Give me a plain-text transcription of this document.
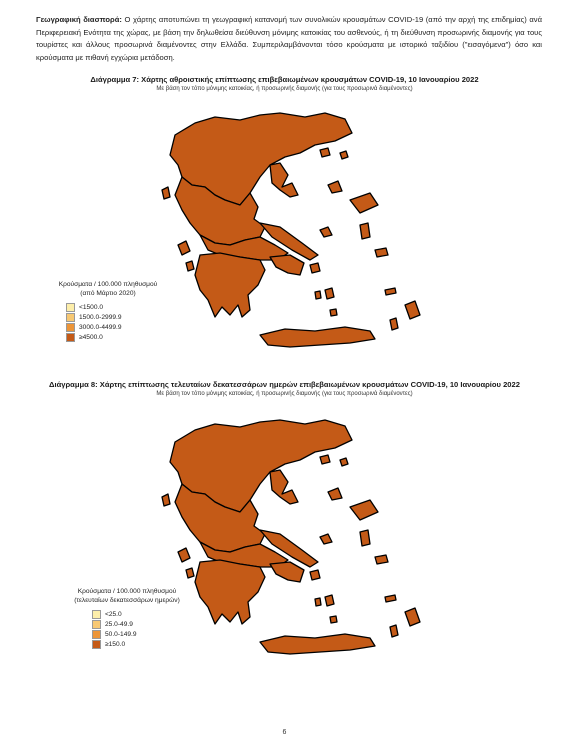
Γεωγραφική διασπορά: Ο χάρτης αποτυπώνει τη γεωγραφική κατανομή των συνολικών κρουσμάτων COVID-19 (από την αρχή της επιδημίας) ανά Περιφερειακή Ενότητα της χώρας, με βάση την δηλωθείσα διεύθυνση μόνιμης κατοικίας του ασθενούς, ή τη διεύθυνση προσωρινής διαμονής για τους τουρίστες και άλλους προσωρινά διαμένοντες στην Ελλάδα. Συμπεριλαμβάνονται τόσο κρούσματα με ιστορικό ταξιδίου ("εισαγόμενα") όσο και κρούσματα με πιθανή εγχώρια μετάδοση.
Διάγραμμα 7: Χάρτης αθροιστικής επίπτωσης επιβεβαιωμένων κρουσμάτων COVID-19, 10 Ιανουαρίου 2022
Με βάση τον τόπο μόνιμης κατοικίας, ή προσωρινής διαμονής (για τους προσωρινά διαμένοντες)
Κρούσματα / 100.000 πληθυσμού
(από Μάρτιο 2020)
<1500.0
1500.0-2999.9
3000.0-4499.9
≥4500.0
Διάγραμμα 8: Χάρτης επίπτωσης τελευταίων δεκατεσσάρων ημερών επιβεβαιωμένων κρουσμάτων COVID-19, 10 Ιανουαρίου 2022
Με βάση τον τόπο μόνιμης κατοικίας, ή προσωρινής διαμονής (για τους προσωρινά διαμένοντες)
Κρούσματα / 100.000 πληθυσμού
(τελευταίων δεκατεσσάρων ημερών)
<25.0
25.0-49.9
50.0-149.9
≥150.0
6
